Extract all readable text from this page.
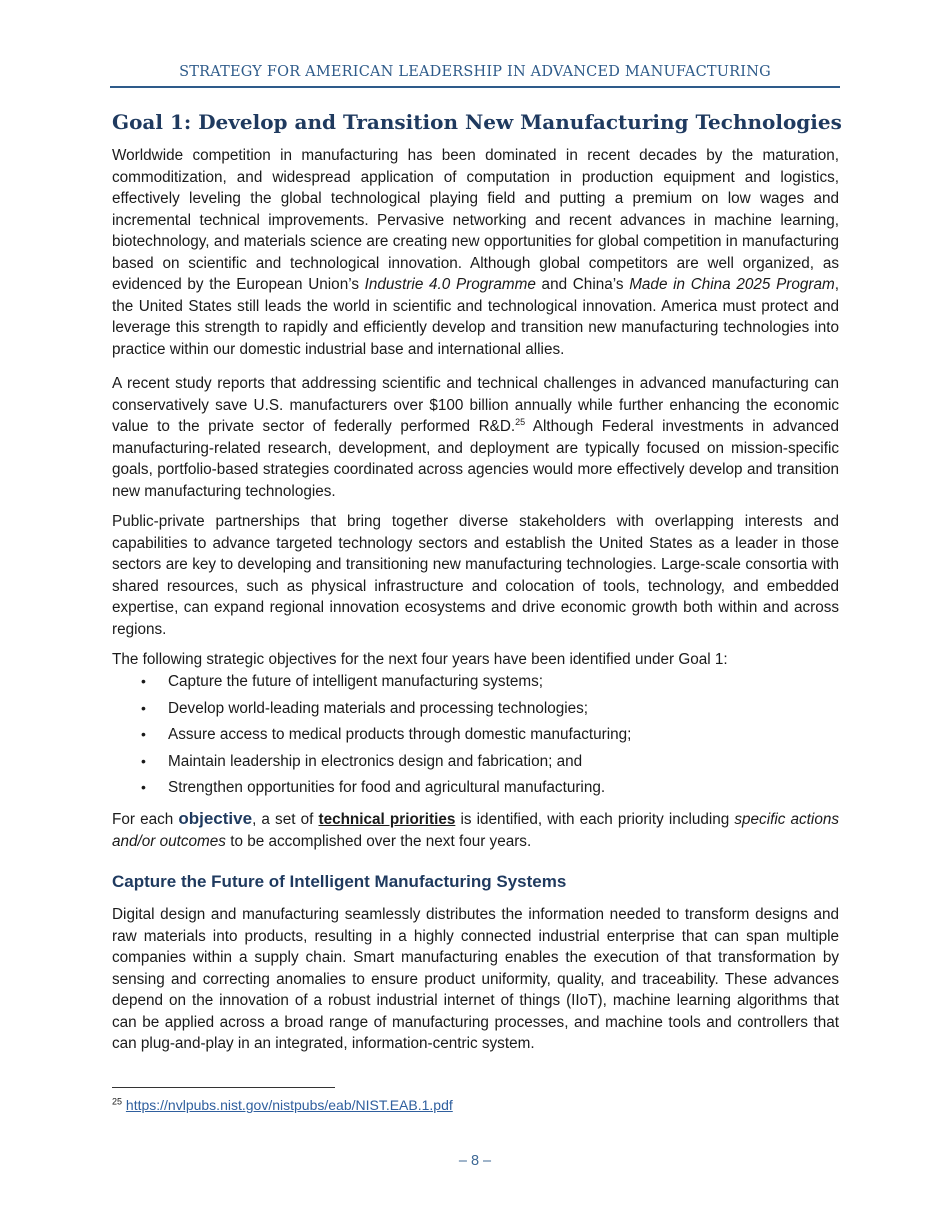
STRATEGY FOR AMERICAN LEADERSHIP IN ADVANCED MANUFACTURING
Goal 1: Develop and Transition New Manufacturing Technologies

Worldwide competition in manufacturing has been dominated in recent decades by the maturation, commoditization, and widespread application of computation in production equipment and logistics, effectively leveling the global technological playing field and putting a premium on low wages and incremental technical improvements. Pervasive networking and recent advances in machine learning, biotechnology, and materials science are creating new opportunities for global competition in manufacturing based on scientific and technological innovation. Although global competitors are well organized, as evidenced by the European Union’s Industrie 4.0 Programme and China’s Made in China 2025 Program, the United States still leads the world in scientific and technological innovation. America must protect and leverage this strength to rapidly and efficiently develop and transition new manufacturing technologies into practice within our domestic industrial base and international allies.

A recent study reports that addressing scientific and technical challenges in advanced manufacturing can conservatively save U.S. manufacturers over $100 billion annually while further enhancing the economic value to the private sector of federally performed R&D.$^{25}$ Although Federal investments in advanced manufacturing-related research, development, and deployment are typically focused on mission-specific goals, portfolio-based strategies coordinated across agencies would more effectively develop and transition new manufacturing technologies.

Public-private partnerships that bring together diverse stakeholders with overlapping interests and capabilities to advance targeted technology sectors and establish the United States as a leader in those sectors are key to developing and transitioning new manufacturing technologies. Large-scale consortia with shared resources, such as physical infrastructure and colocation of tools, technology, and embedded expertise, can expand regional innovation ecosystems and drive economic growth both within and across regions.

The following strategic objectives for the next four years have been identified under Goal 1:

• Capture the future of intelligent manufacturing systems;
• Develop world-leading materials and processing technologies;
• Assure access to medical products through domestic manufacturing;
• Maintain leadership in electronics design and fabrication; and
• Strengthen opportunities for food and agricultural manufacturing.

For each objective, a set of technical priorities is identified, with each priority including specific actions and/or outcomes to be accomplished over the next four years.

Capture the Future of Intelligent Manufacturing Systems

Digital design and manufacturing seamlessly distributes the information needed to transform designs and raw materials into products, resulting in a highly connected industrial enterprise that can span multiple companies within a supply chain. Smart manufacturing enables the execution of that transformation by sensing and correcting anomalies to ensure product uniformity, quality, and traceability. These advances depend on the innovation of a robust industrial internet of things (IIoT), machine learning algorithms that can be applied across a broad range of manufacturing processes, and machine tools and controllers that can plug-and-play in an integrated, information-centric system.

$^{25}$ https://nvlpubs.nist.gov/nistpubs/eab/NIST.EAB.1.pdf
– 8 –
